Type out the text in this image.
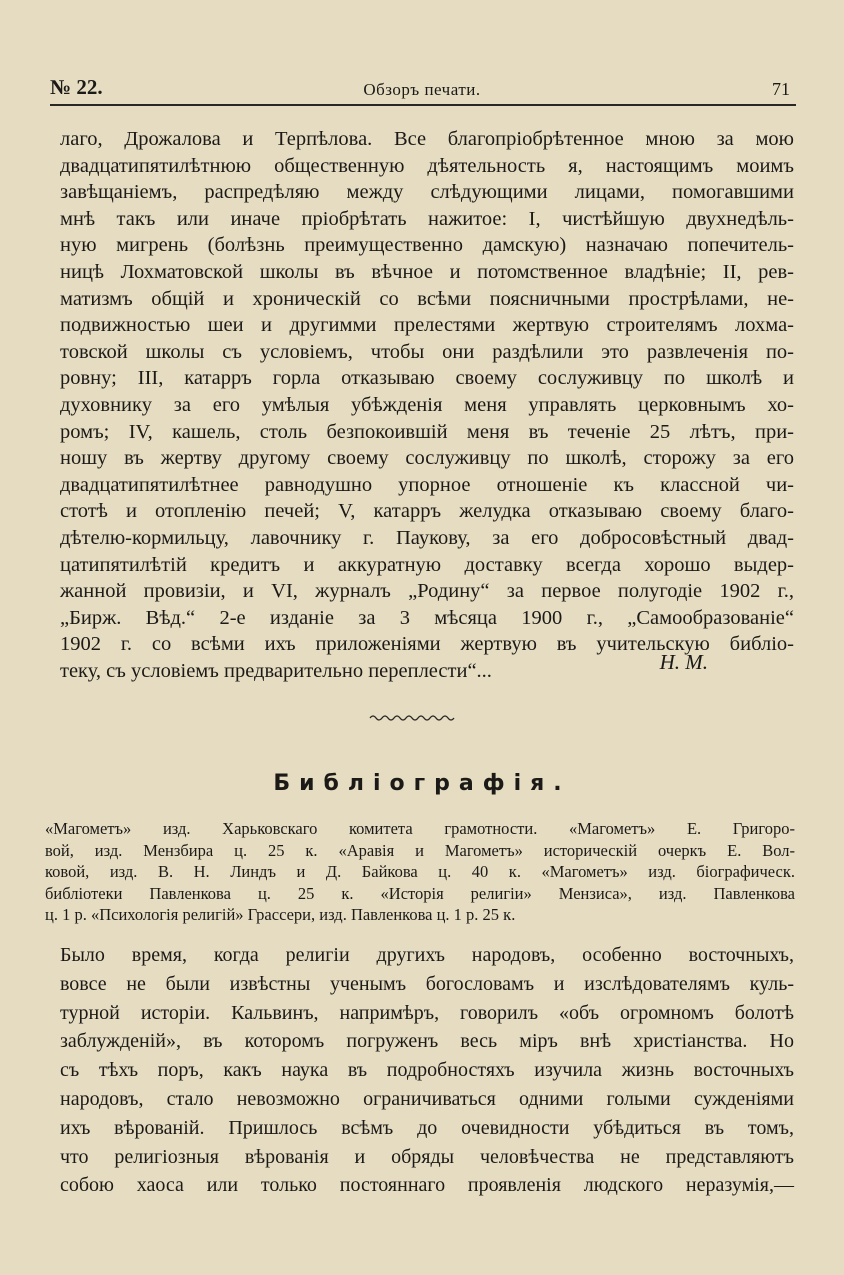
№ 22.	Обзоръ печати.	71
лаго, Дрожалова и Терпѣлова. Все благопріобрѣтенное мною за мою
двадцатипятилѣтнюю общественную дѣятельность я, настоящимъ моимъ
завѣщаніемъ, распредѣляю между слѣдующими лицами, помогавшими
мнѣ такъ или иначе пріобрѣтать нажитое: I, чистѣйшую двухнедѣль-
ную мигрень (болѣзнь преимущественно дамскую) назначаю попечитель-
ницѣ Лохматовской школы въ вѣчное и потомственное владѣніе; II, рев-
матизмъ общій и хроническій со всѣми поясничными прострѣлами, не-
подвижностью шеи и другимми прелестями жертвую строителямъ лохма-
товской школы съ условіемъ, чтобы они раздѣлили это развлеченія по-
ровну; III, катарръ горла отказываю своему сослуживцу по школѣ и
духовнику за его умѣлыя убѣжденія меня управлять церковнымъ хо-
ромъ; IV, кашель, столь безпокоившій меня въ теченіе 25 лѣтъ, при-
ношу въ жертву другому своему сослуживцу по школѣ, сторожу за его
двадцатипятилѣтнее равнодушно упорное отношеніе къ классной чи-
стотѣ и отопленію печей; V, катарръ желудка отказываю своему благо-
дѣтелю-кормильцу, лавочнику г. Паукову, за его добросовѣстный двад-
цатипятилѣтій кредитъ и аккуратную доставку всегда хорошо выдер-
жанной провизіи, и VI, журналъ „Родину“ за первое полугодіе 1902 г.,
„Бирж. Вѣд.“ 2-е изданіе за 3 мѣсяца 1900 г., „Самообразованіе“
1902 г. со всѣми ихъ приложеніями жертвую въ учительскую библіо-
теку, съ условіемъ предварительно переплести“...	Н. М.
Библіографія.
«Магометъ» изд. Харьковскаго комитета грамотности. «Магометъ» Е. Григоро-
вой, изд. Мензбира ц. 25 к. «Аравія и Магометъ» историческій очеркъ Е. Вол-
ковой, изд. В. Н. Линдъ и Д. Байкова ц. 40 к. «Магометъ» изд. біографическ.
библіотеки Павленкова ц. 25 к. «Исторія религіи» Мензиса», изд. Павленкова
ц. 1 р. «Психологія религій» Грассери, изд. Павленкова ц. 1 р. 25 к.
Было время, когда религіи другихъ народовъ, особенно восточныхъ,
вовсе не были извѣстны ученымъ богословамъ и изслѣдователямъ куль-
турной исторіи. Кальвинъ, напримѣръ, говорилъ «объ огромномъ болотѣ
заблужденій», въ которомъ погруженъ весь міръ внѣ христіанства. Но
съ тѣхъ поръ, какъ наука въ подробностяхъ изучила жизнь восточныхъ
народовъ, стало невозможно ограничиваться одними голыми сужденіями
ихъ вѣрованій. Пришлось всѣмъ до очевидности убѣдиться въ томъ,
что религіозныя вѣрованія и обряды человѣчества не представляютъ
собою хаоса или только постояннаго проявленія людского неразумія,—
